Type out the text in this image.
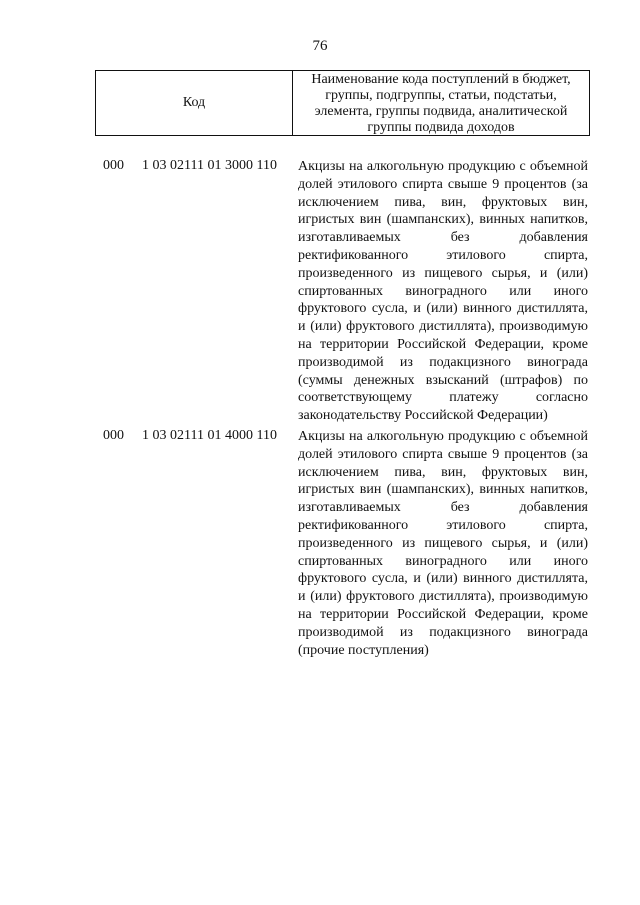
76
Код
Наименование кода поступлений в бюджет, группы, подгруппы, статьи, подстатьи, элемента, группы подвида, аналитической группы подвида доходов
000 1 03 02111 01 3000 110 Акцизы на алкогольную продукцию с объемной долей этилового спирта свыше 9 процентов (за исключением пива, вин, фруктовых вин, игристых вин (шампанских), винных напитков, изготавливаемых без добавления ректификованного этилового спирта, произведенного из пищевого сырья, и (или) спиртованных виноградного или иного фруктового сусла, и (или) винного дистиллята, и (или) фруктового дистиллята), производимую на территории Российской Федерации, кроме производимой из подакцизного винограда (суммы денежных взысканий (штрафов) по соответствующему платежу согласно законодательству Российской Федерации)
000 1 03 02111 01 4000 110 Акцизы на алкогольную продукцию с объемной долей этилового спирта свыше 9 процентов (за исключением пива, вин, фруктовых вин, игристых вин (шампанских), винных напитков, изготавливаемых без добавления ректификованного этилового спирта, произведенного из пищевого сырья, и (или) спиртованных виноградного или иного фруктового сусла, и (или) винного дистиллята, и (или) фруктового дистиллята), производимую на территории Российской Федерации, кроме производимой из подакцизного винограда (прочие поступления)
